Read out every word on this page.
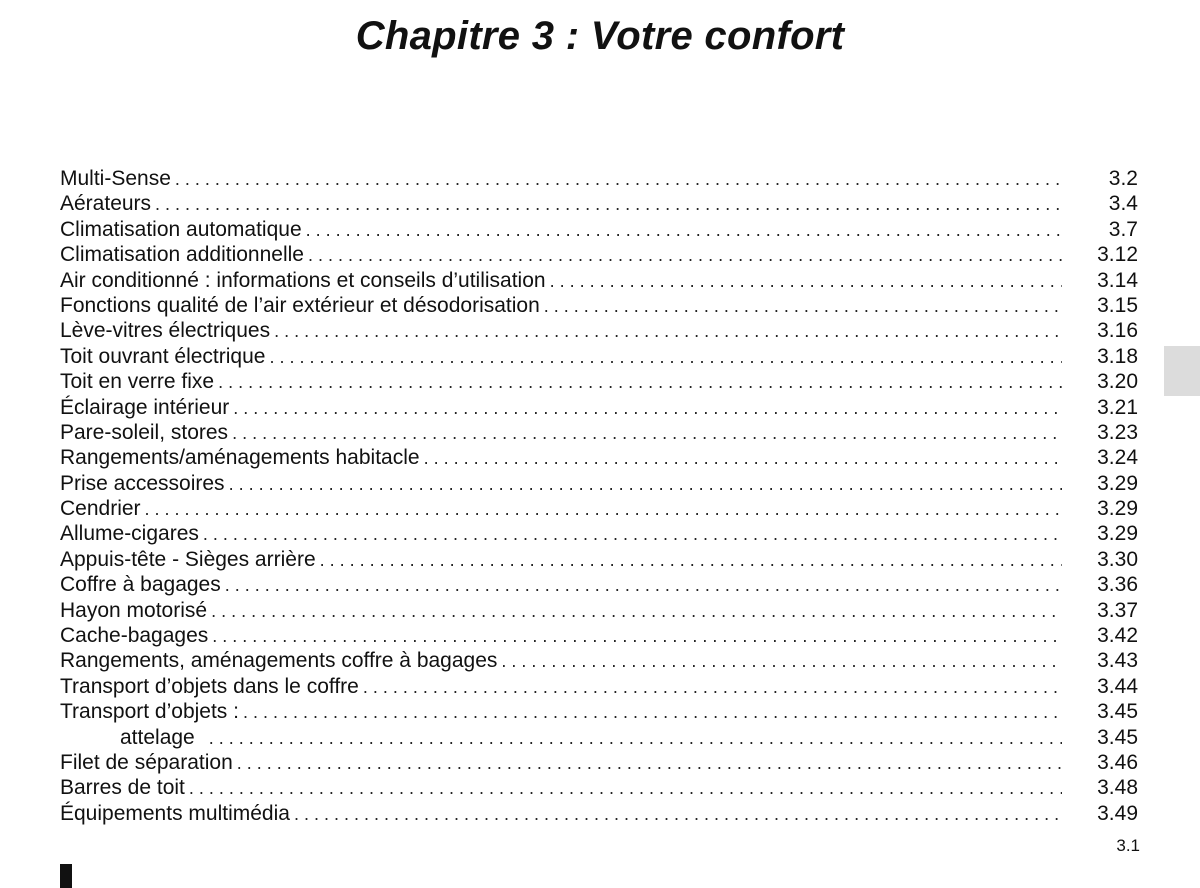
Chapitre 3 : Votre confort
Multi-Sense . . .	3.2
Aérateurs . . .	3.4
Climatisation automatique . . .	3.7
Climatisation additionnelle . . .	3.12
Air conditionné : informations et conseils d’utilisation . . .	3.14
Fonctions qualité de l’air extérieur et désodorisation . . .	3.15
Lève-vitres électriques . . .	3.16
Toit ouvrant électrique . . .	3.18
Toit en verre fixe . . .	3.20
Éclairage intérieur . . .	3.21
Pare-soleil, stores . . .	3.23
Rangements/aménagements habitacle . . .	3.24
Prise accessoires . . .	3.29
Cendrier . . .	3.29
Allume-cigares . . .	3.29
Appuis-tête - Sièges arrière . . .	3.30
Coffre à bagages . . .	3.36
Hayon motorisé . . .	3.37
Cache-bagages . . .	3.42
Rangements, aménagements coffre à bagages . . .	3.43
Transport d’objets dans le coffre . . .	3.44
Transport d’objets : . . .	3.45
attelage . . .	3.45
Filet de séparation . . .	3.46
Barres de toit . . .	3.48
Équipements multimédia . . .	3.49

3.1
